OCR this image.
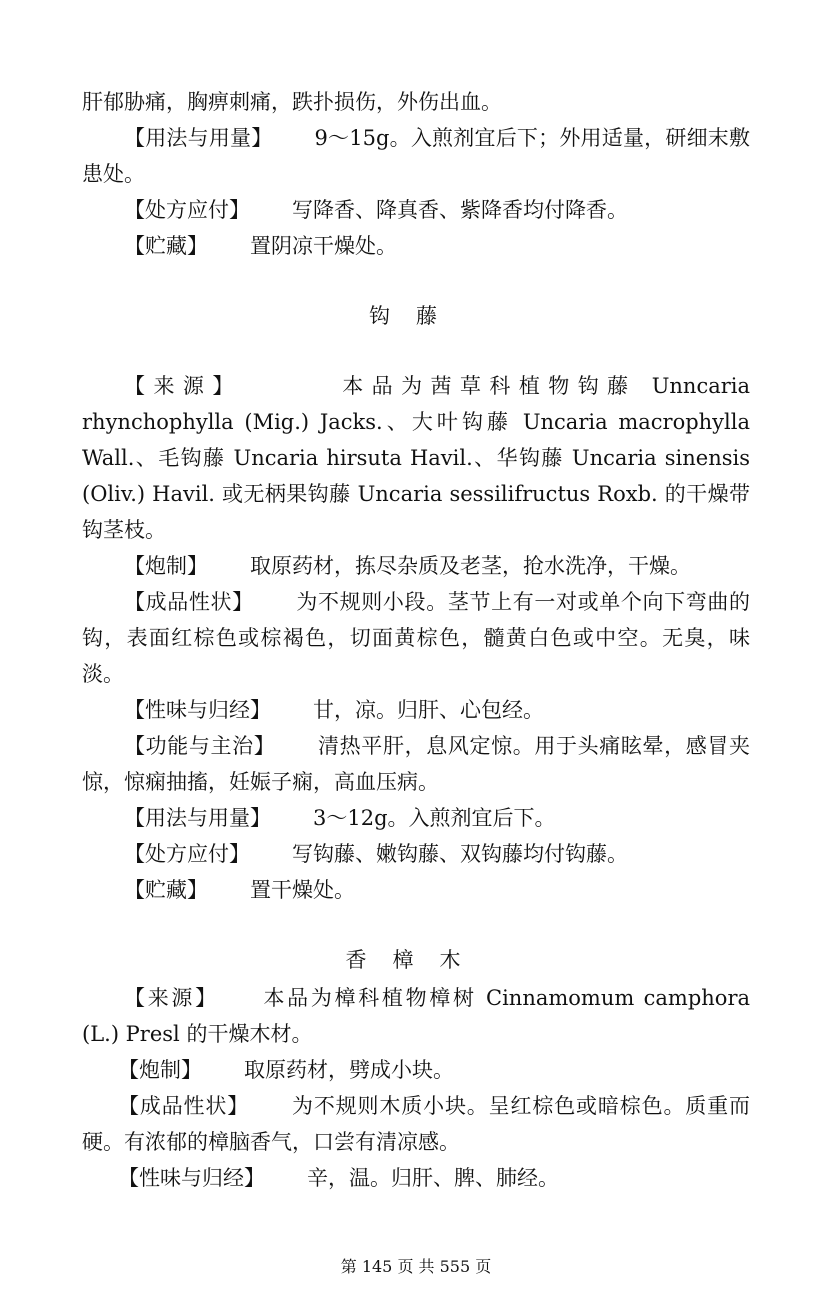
肝郁胁痛，胸痹刺痛，跌扑损伤，外伤出血。

【用法与用量】 9～15g。入煎剂宜后下；外用适量，研细末敷患处。

【处方应付】 写降香、降真香、紫降香均付降香。

【贮藏】 置阴凉干燥处。

钩藤

【来源】	本品为茜草科植物钩藤 Unncaria rhynchophylla (Mig.) Jacks.、大叶钩藤 Uncaria macrophylla Wall.、毛钩藤 Uncaria hirsuta Havil.、华钩藤 Uncaria sinensis (Oliv.) Havil. 或无柄果钩藤 Uncaria sessilifructus Roxb. 的干燥带钩茎枝。

【炮制】 取原药材，拣尽杂质及老茎，抢水洗净，干燥。

【成品性状】 为不规则小段。茎节上有一对或单个向下弯曲的钩，表面红棕色或棕褐色，切面黄棕色，髓黄白色或中空。无臭，味淡。

【性味与归经】 甘，凉。归肝、心包经。

【功能与主治】 清热平肝，息风定惊。用于头痛眩晕，感冒夹惊，惊痫抽搐，妊娠子痫，高血压病。

【用法与用量】 3～12g。入煎剂宜后下。

【处方应付】 写钩藤、嫩钩藤、双钩藤均付钩藤。

【贮藏】 置干燥处。

香樟木

【来源】 本品为樟科植物樟树 Cinnamomum camphora (L.) Presl 的干燥木材。

【炮制】 取原药材，劈成小块。

【成品性状】 为不规则木质小块。呈红棕色或暗棕色。质重而硬。有浓郁的樟脑香气，口尝有清凉感。

【性味与归经】 辛，温。归肝、脾、肺经。

第 145 页 共 555 页
